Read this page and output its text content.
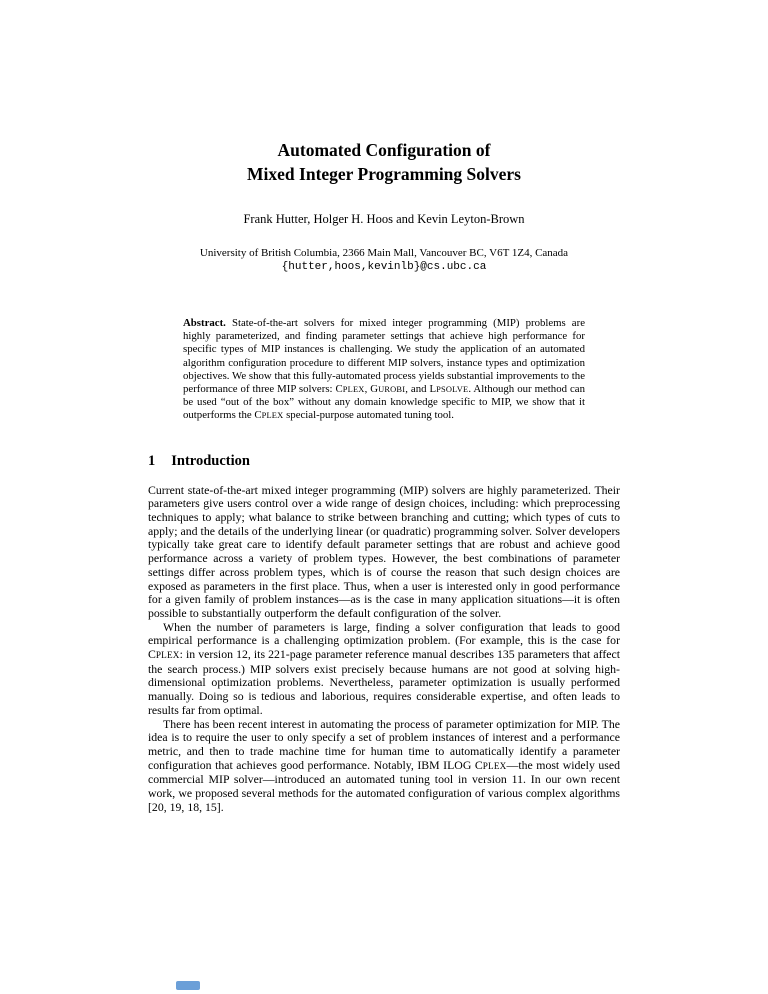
Automated Configuration of
Mixed Integer Programming Solvers

Frank Hutter, Holger H. Hoos and Kevin Leyton-Brown

University of British Columbia, 2366 Main Mall, Vancouver BC, V6T 1Z4, Canada

{hutter,hoos,kevinlb}@cs.ubc.ca

Abstract. State-of-the-art solvers for mixed integer programming (MIP) problems are highly parameterized, and finding parameter settings that achieve high performance for specific types of MIP instances is challenging. We study the application of an automated algorithm configuration procedure to different MIP solvers, instance types and optimization objectives. We show that this fully-automated process yields substantial improvements to the performance of three MIP solvers: CPLEX, GUROBI, and LPSOLVE. Although our method can be used “out of the box” without any domain knowledge specific to MIP, we show that it outperforms the CPLEX special-purpose automated tuning tool.

1 Introduction

Current state-of-the-art mixed integer programming (MIP) solvers are highly parameterized. Their parameters give users control over a wide range of design choices, including: which preprocessing techniques to apply; what balance to strike between branching and cutting; which types of cuts to apply; and the details of the underlying linear (or quadratic) programming solver. Solver developers typically take great care to identify default parameter settings that are robust and achieve good performance across a variety of problem types. However, the best combinations of parameter settings differ across problem types, which is of course the reason that such design choices are exposed as parameters in the first place. Thus, when a user is interested only in good performance for a given family of problem instances—as is the case in many application situations—it is often possible to substantially outperform the default configuration of the solver.

When the number of parameters is large, finding a solver configuration that leads to good empirical performance is a challenging optimization problem. (For example, this is the case for CPLEX: in version 12, its 221-page parameter reference manual describes 135 parameters that affect the search process.) MIP solvers exist precisely because humans are not good at solving high-dimensional optimization problems. Nevertheless, parameter optimization is usually performed manually. Doing so is tedious and laborious, requires considerable expertise, and often leads to results far from optimal.

There has been recent interest in automating the process of parameter optimization for MIP. The idea is to require the user to only specify a set of problem instances of interest and a performance metric, and then to trade machine time for human time to automatically identify a parameter configuration that achieves good performance. Notably, IBM ILOG CPLEX—the most widely used commercial MIP solver—introduced an automated tuning tool in version 11. In our own recent work, we proposed several methods for the automated configuration of various complex algorithms [20, 19, 18, 15].
